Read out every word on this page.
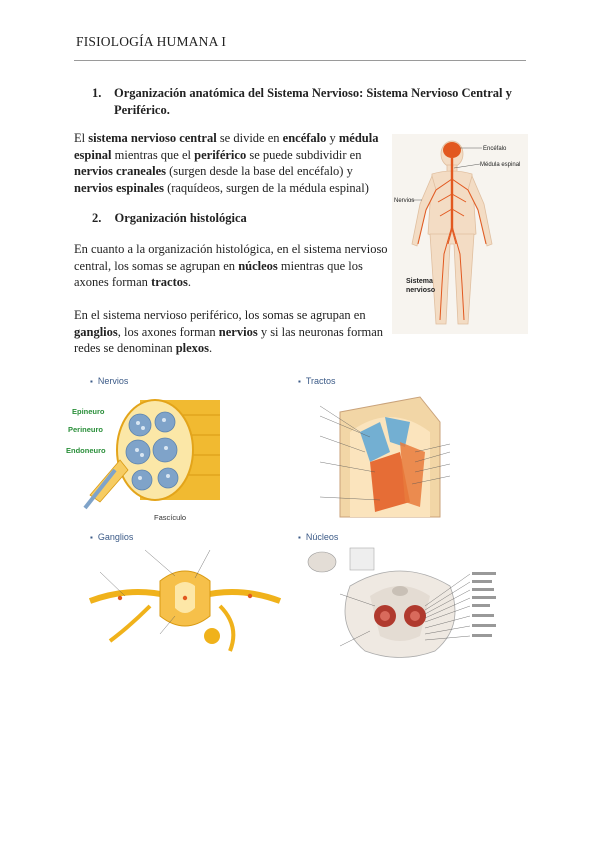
FISIOLOGÍA HUMANA I
1. Organización anatómica del Sistema Nervioso: Sistema Nervioso Central y Periférico.
El sistema nervioso central se divide en encéfalo y médula espinal mientras que el periférico se puede subdividir en nervios craneales (surgen desde la base del encéfalo) y nervios espinales (raquídeos, surgen de la médula espinal)
2. Organización histológica
En cuanto a la organización histológica, en el sistema nervioso central, los somas se agrupan en núcleos mientras que los axones forman tractos.
En el sistema nervioso periférico, los somas se agrupan en ganglios, los axones forman nervios y si las neuronas forman redes se denominan plexos.
Encéfalo
Médula espinal
Nervios
Sistema
nervioso
▪ Nervios	▪ Tractos
▪ Ganglios	▪ Núcleos
Epineuro
Perineuro
Endoneuro
Fascículo
